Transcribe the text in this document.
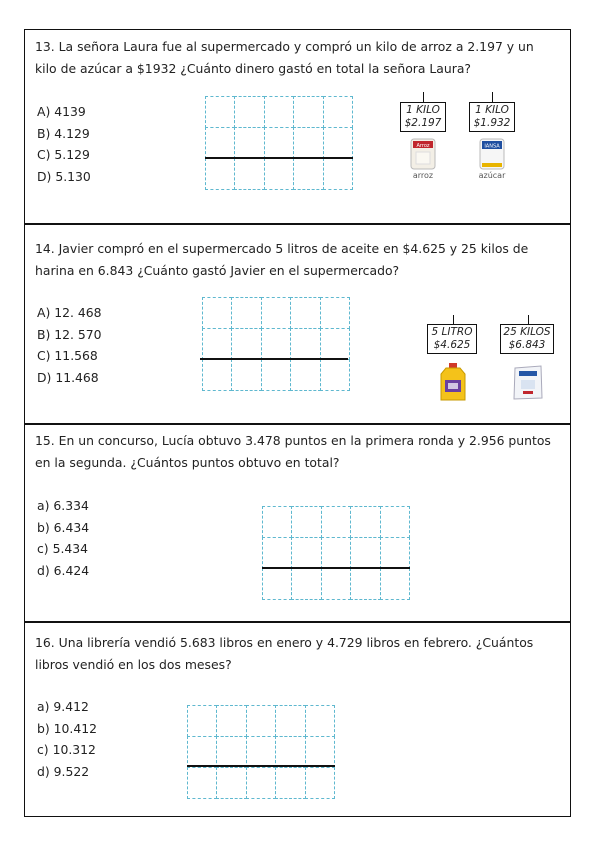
13. La señora Laura fue al supermercado y compró un kilo de arroz a 2.197 y un kilo de azúcar a $1932 ¿Cuánto dinero gastó en total la señora Laura?
A) 4139
B) 4.129
C) 5.129
D) 5.130
1 KILO
$2.197
1 KILO
$1.932
Arroz
arroz
IANSA
azúcar
14. Javier compró en el supermercado 5 litros de aceite en $4.625 y 25 kilos de harina en 6.843 ¿Cuánto gastó Javier en el supermercado?
A) 12. 468
B) 12. 570
C) 11.568
D) 11.468
5 LITRO
$4.625
25 KILOS
$6.843
15. En un concurso, Lucía obtuvo 3.478 puntos en la primera ronda y 2.956 puntos en la segunda. ¿Cuántos puntos obtuvo en total?
a) 6.334
b) 6.434
c) 5.434
d) 6.424
16. Una librería vendió 5.683 libros en enero y 4.729 libros en febrero. ¿Cuántos libros vendió en los dos meses?
a) 9.412
b) 10.412
c) 10.312
d) 9.522
